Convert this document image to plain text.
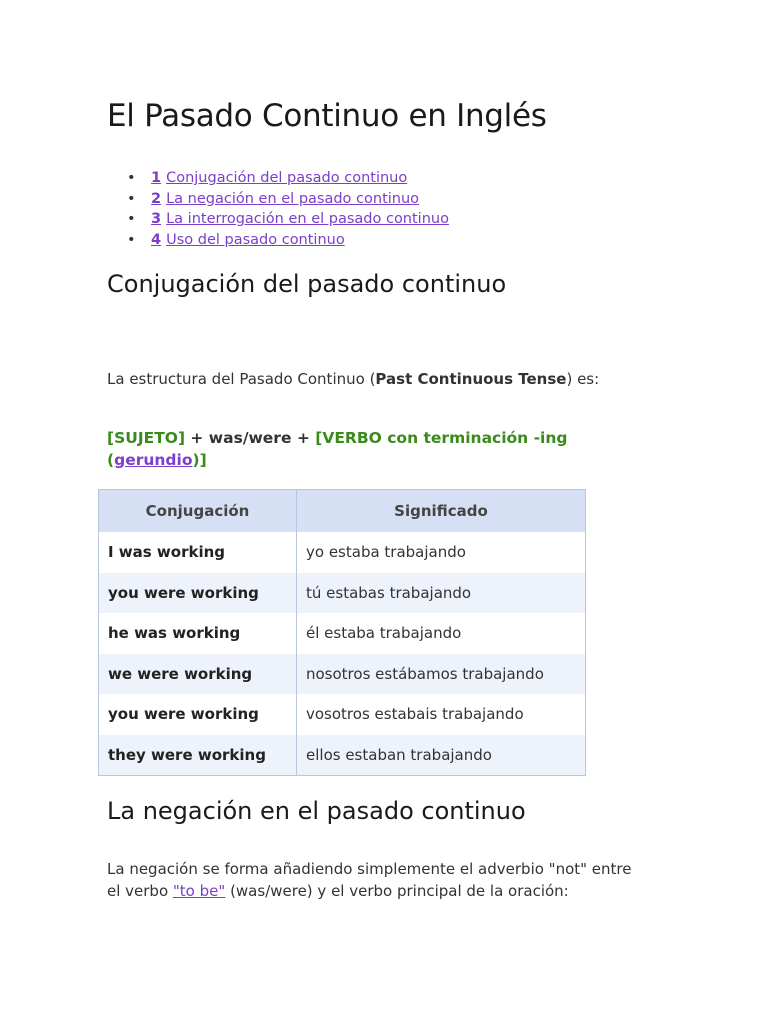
El Pasado Continuo en Inglés
• 1 Conjugación del pasado continuo
• 2 La negación en el pasado continuo
• 3 La interrogación en el pasado continuo
• 4 Uso del pasado continuo
Conjugación del pasado continuo

La estructura del Pasado Continuo (Past Continuous Tense) es:

[SUJETO] + was/were + [VERBO con terminación -ing
(gerundio)]

Conjugación	Significado
I was working	yo estaba trabajando
you were working	tú estabas trabajando
he was working	él estaba trabajando
we were working	nosotros estábamos trabajando
you were working	vosotros estabais trabajando
they were working	ellos estaban trabajando
La negación en el pasado continuo

La negación se forma añadiendo simplemente el adverbio "not" entre el verbo "to be" (was/were) y el verbo principal de la oración:
